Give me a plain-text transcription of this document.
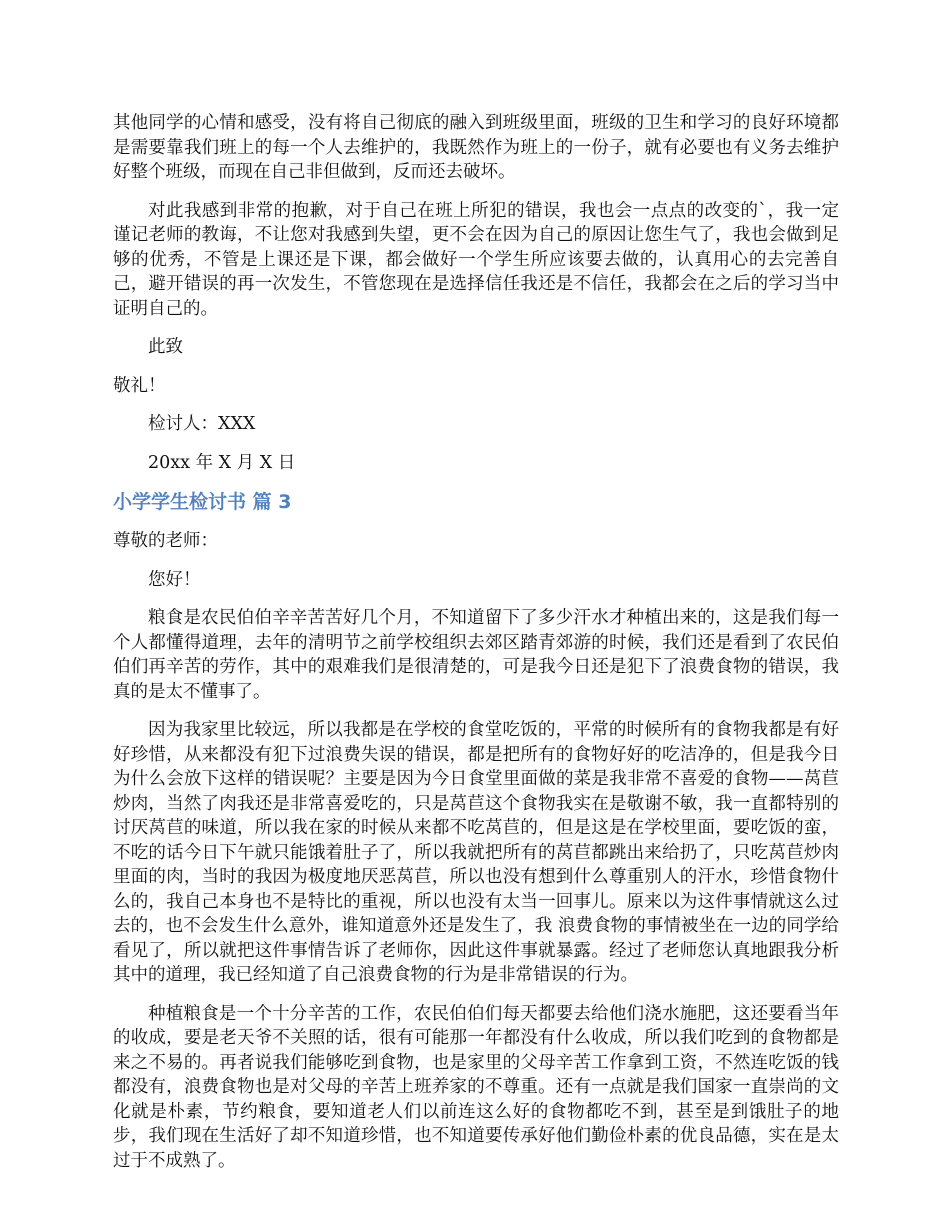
其他同学的心情和感受，没有将自己彻底的融入到班级里面，班级的卫生和学习的良好环境都是需要靠我们班上的每一个人去维护的，我既然作为班上的一份子，就有必要也有义务去维护好整个班级，而现在自己非但做到，反而还去破坏。

对此我感到非常的抱歉，对于自己在班上所犯的错误，我也会一点点的改变的`，我一定谨记老师的教诲，不让您对我感到失望，更不会在因为自己的原因让您生气了，我也会做到足够的优秀，不管是上课还是下课，都会做好一个学生所应该要去做的，认真用心的去完善自己，避开错误的再一次发生，不管您现在是选择信任我还是不信任，我都会在之后的学习当中证明自己的。

此致

敬礼！

检讨人：XXX

20xx 年 X 月 X 日

小学学生检讨书 篇 3

尊敬的老师：

您好！

粮食是农民伯伯辛辛苦苦好几个月，不知道留下了多少汗水才种植出来的，这是我们每一个人都懂得道理，去年的清明节之前学校组织去郊区踏青郊游的时候，我们还是看到了农民伯伯们再辛苦的劳作，其中的艰难我们是很清楚的，可是我今日还是犯下了浪费食物的错误，我真的是太不懂事了。

因为我家里比较远，所以我都是在学校的食堂吃饭的，平常的时候所有的食物我都是有好好珍惜，从来都没有犯下过浪费失误的错误，都是把所有的食物好好的吃洁净的，但是我今日为什么会放下这样的错误呢？主要是因为今日食堂里面做的菜是我非常不喜爱的食物——莴苣炒肉，当然了肉我还是非常喜爱吃的，只是莴苣这个食物我实在是敬谢不敏，我一直都特别的讨厌莴苣的味道，所以我在家的时候从来都不吃莴苣的，但是这是在学校里面，要吃饭的蛮，不吃的话今日下午就只能饿着肚子了，所以我就把所有的莴苣都跳出来给扔了，只吃莴苣炒肉里面的肉，当时的我因为极度地厌恶莴苣，所以也没有想到什么尊重别人的汗水，珍惜食物什么的，我自己本身也不是特比的重视，所以也没有太当一回事儿。原来以为这件事情就这么过去的，也不会发生什么意外，谁知道意外还是发生了，我 浪费食物的事情被坐在一边的同学给看见了，所以就把这件事情告诉了老师你，因此这件事就暴露。经过了老师您认真地跟我分析其中的道理，我已经知道了自己浪费食物的行为是非常错误的行为。

种植粮食是一个十分辛苦的工作，农民伯伯们每天都要去给他们浇水施肥，这还要看当年的收成，要是老天爷不关照的话，很有可能那一年都没有什么收成，所以我们吃到的食物都是来之不易的。再者说我们能够吃到食物，也是家里的父母辛苦工作拿到工资，不然连吃饭的钱都没有，浪费食物也是对父母的辛苦上班养家的不尊重。还有一点就是我们国家一直崇尚的文化就是朴素，节约粮食，要知道老人们以前连这么好的食物都吃不到，甚至是到饿肚子的地步，我们现在生活好了却不知道珍惜，也不知道要传承好他们勤俭朴素的优良品德，实在是太过于不成熟了。
